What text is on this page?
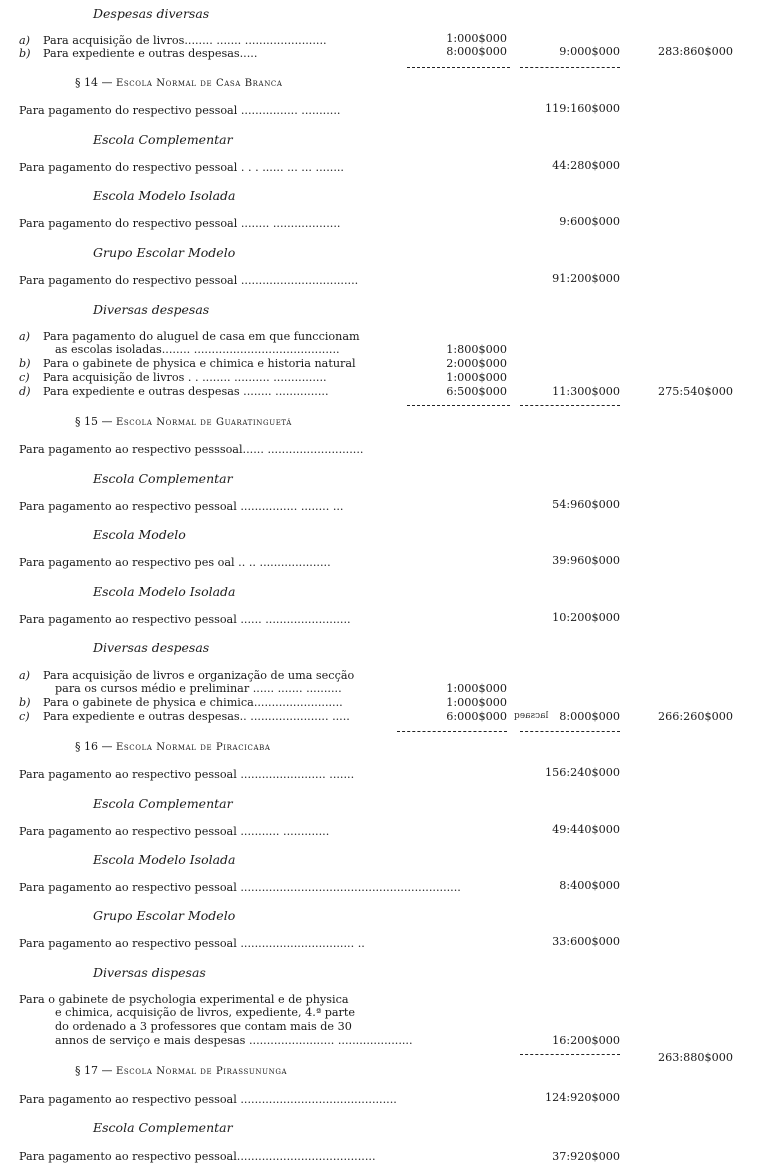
Despesas diversas
a) Para acquisição de livros........ ....... .......................	1:000$000
b) Para expediente e outras despesas.....	8:000$000	9:000$000	283:860$000
§ 14 — Escola Normal de Casa Branca
Para pagamento do respectivo pessoal ................ ...........	119:160$000
Escola Complementar
Para pagamento do respectivo pessoal . . . ...... ... ... ........	44:280$000
Escola Modelo Isolada
Para pagamento do respectivo pessoal ........ ...................	9:600$000
Grupo Escolar Modelo
Para pagamento do respectivo pessoal .................................	91:200$000
Diversas despesas
a) Para pagamento do aluguel de casa em que funccionam
as escolas isoladas........ .........................................	1:800$000
b) Para o gabinete de physica e chimica e historia natural	2:000$000
c) Para acquisição de livros . . ........ .......... ...............	1:000$000
d) Para expediente e outras despesas ........ ...............	6:500$000	11:300$000	275:540$000
§ 15 — Escola Normal de Guaratinguetá
Para pagamento ao respectivo pesssoal...... ...........................
Escola Complementar
Para pagamento ao respectivo pessoal ................ ........ ...	54:960$000
Escola Modelo
Para pagamento ao respectivo pes oal .. .. ....................	39:960$000
Escola Modelo Isolada
Para pagamento ao respectivo pessoal ...... ........................	10:200$000
Diversas despesas
a) Para acquisição de livros e organização de uma secção
para os cursos médio e preliminar ...... ....... ..........	1:000$000
b) Para o gabinete de physica e chimica.........................	1:000$000
c) Para expediente e outras despesas.. ...................... .....	6:000$000 lacsaeq 8:000$000	266:260$000
§ 16 — Escola Normal de Piracicaba
Para pagamento ao respectivo pessoal ........................ .......	156:240$000
Escola Complementar
Para pagamento ao respectivo pessoal ........... .............	49:440$000
Escola Modelo Isolada
Para pagamento ao respectivo pessoal ..............................................................	8:400$000
Grupo Escolar Modelo
Para pagamento ao respectivo pessoal ................................ ..	33:600$000
Diversas dispesas
Para o gabinete de psychologia experimental e de physica
e chimica, acquisição de livros, expediente, 4.ª parte
do ordenado a 3 professores que contam mais de 30
annos de serviço e mais despesas ........................ .....................	16:200$000
263:880$000
§ 17 — Escola Normal de Pirassununga
Para pagamento ao respectivo pessoal ............................................	124:920$000
Escola Complementar
Para pagamento ao respectivo pessoal.......................................	37:920$000
